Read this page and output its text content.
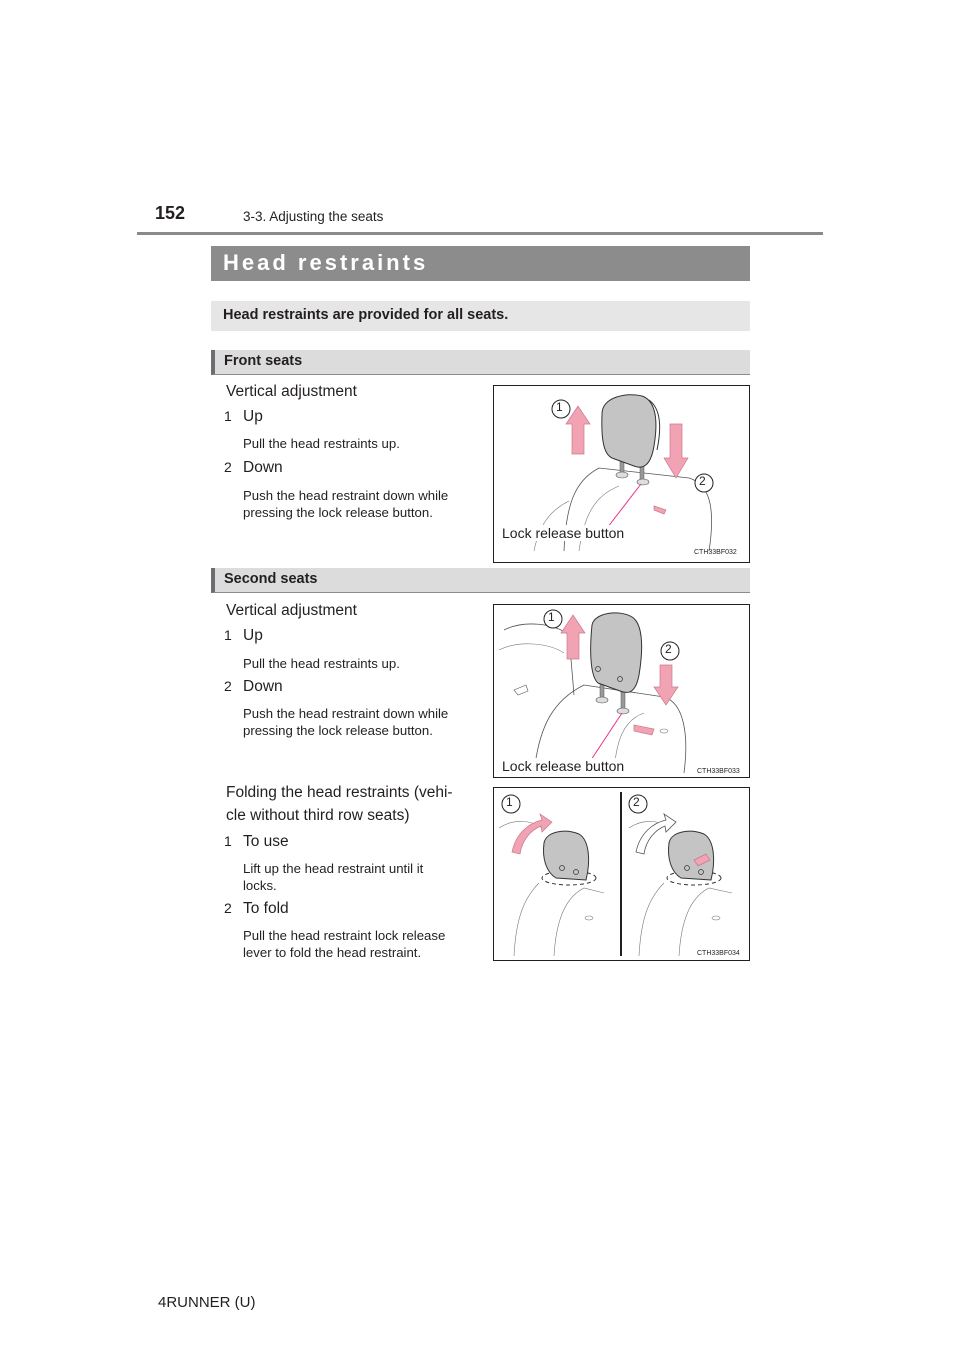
152	3-3. Adjusting the seats
Head restraints
Head restraints are provided for all seats.
Front seats
Vertical adjustment
1 Up
Pull the head restraints up.
2 Down
Push the head restraint down while
pressing the lock release button.
1
2
Lock release button
CTH33BF032
Second seats
Vertical adjustment
1 Up
Pull the head restraints up.
2 Down
Push the head restraint down while
pressing the lock release button.
1
2
Lock release button	CTH33BF033
Folding the head restraints (vehi-
cle without third row seats)
1 To use
Lift up the head restraint until it
locks.
2 To fold
Pull the head restraint lock release
lever to fold the head restraint.
1	2
CTH33BF034
4RUNNER (U)
